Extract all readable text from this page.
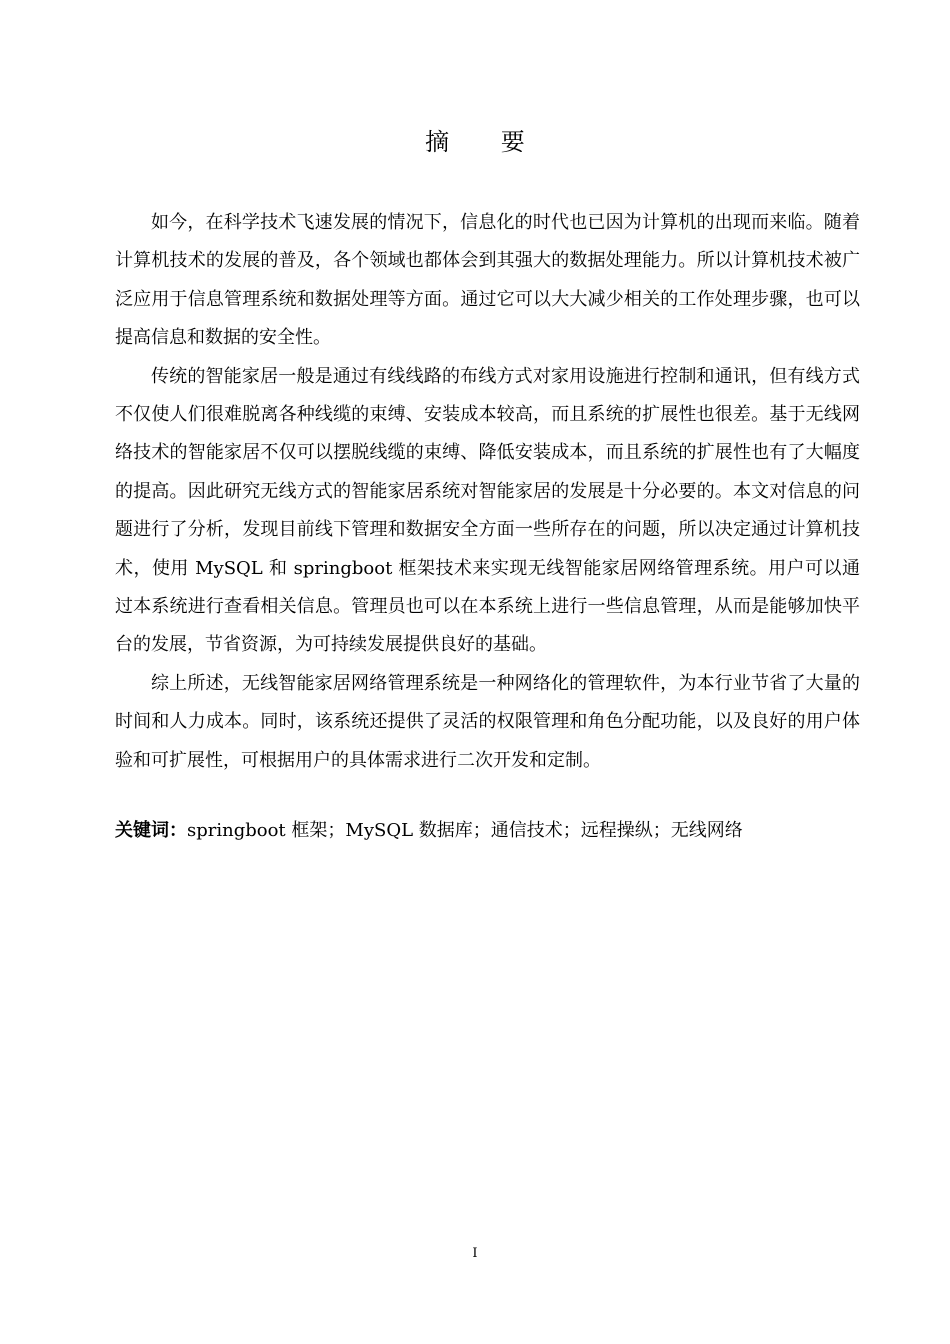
摘 要

如今，在科学技术飞速发展的情况下，信息化的时代也已因为计算机的出现而来临。随着计算机技术的发展的普及，各个领域也都体会到其强大的数据处理能力。所以计算机技术被广泛应用于信息管理系统和数据处理等方面。通过它可以大大减少相关的工作处理步骤，也可以提高信息和数据的安全性。

传统的智能家居一般是通过有线线路的布线方式对家用设施进行控制和通讯，但有线方式不仅使人们很难脱离各种线缆的束缚、安装成本较高，而且系统的扩展性也很差。基于无线网络技术的智能家居不仅可以摆脱线缆的束缚、降低安装成本，而且系统的扩展性也有了大幅度的提高。因此研究无线方式的智能家居系统对智能家居的发展是十分必要的。本文对信息的问题进行了分析，发现目前线下管理和数据安全方面一些所存在的问题，所以决定通过计算机技术，使用 MySQL 和 springboot 框架技术来实现无线智能家居网络管理系统。用户可以通过本系统进行查看相关信息。管理员也可以在本系统上进行一些信息管理，从而是能够加快平台的发展，节省资源，为可持续发展提供良好的基础。

综上所述，无线智能家居网络管理系统是一种网络化的管理软件，为本行业节省了大量的时间和人力成本。同时，该系统还提供了灵活的权限管理和角色分配功能，以及良好的用户体验和可扩展性，可根据用户的具体需求进行二次开发和定制。

关键词：springboot 框架；MySQL 数据库；通信技术；远程操纵；无线网络

I
